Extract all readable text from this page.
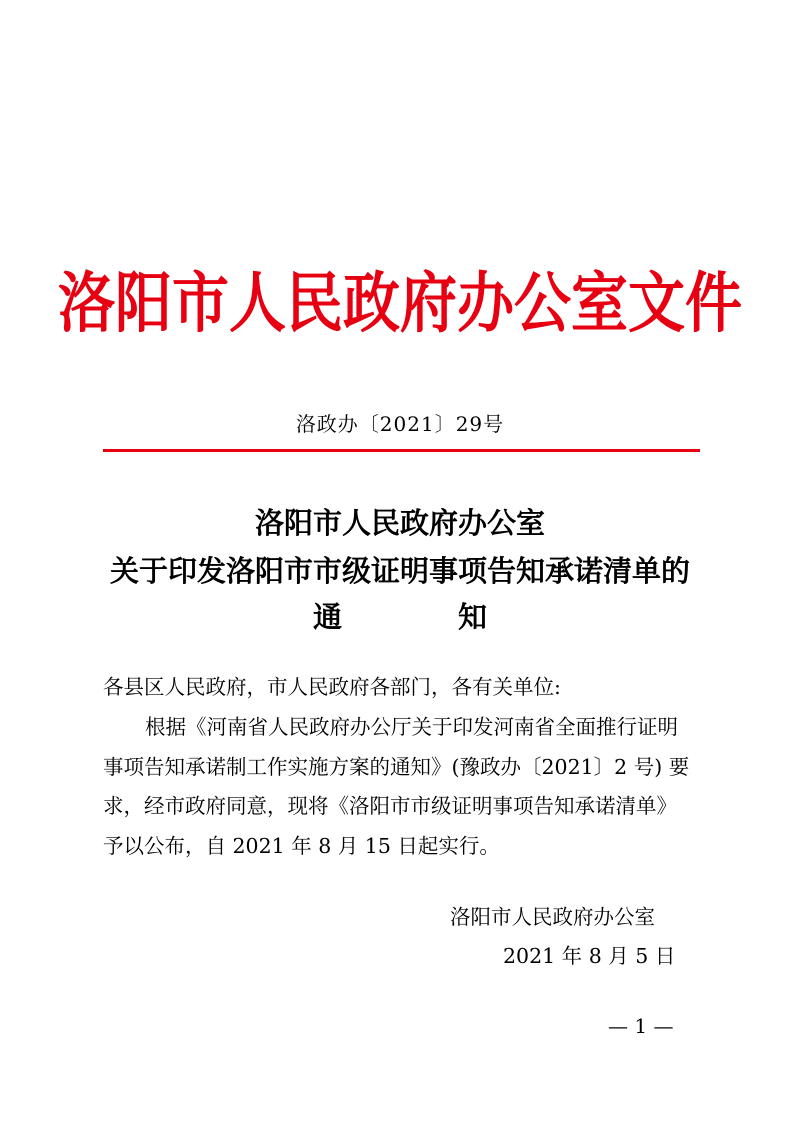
洛阳市人民政府办公室文件
洛政办〔2021〕29号
洛阳市人民政府办公室
关于印发洛阳市市级证明事项告知承诺清单的
通	知
各县区人民政府，市人民政府各部门，各有关单位:
根据《河南省人民政府办公厅关于印发河南省全面推行证明
事项告知承诺制工作实施方案的通知》(豫政办〔2021〕2 号) 要
求，经市政府同意，现将《洛阳市市级证明事项告知承诺清单》
予以公布，自 2021 年 8 月 15 日起实行。
洛阳市人民政府办公室
2021 年 8 月 5 日
— 1 —
